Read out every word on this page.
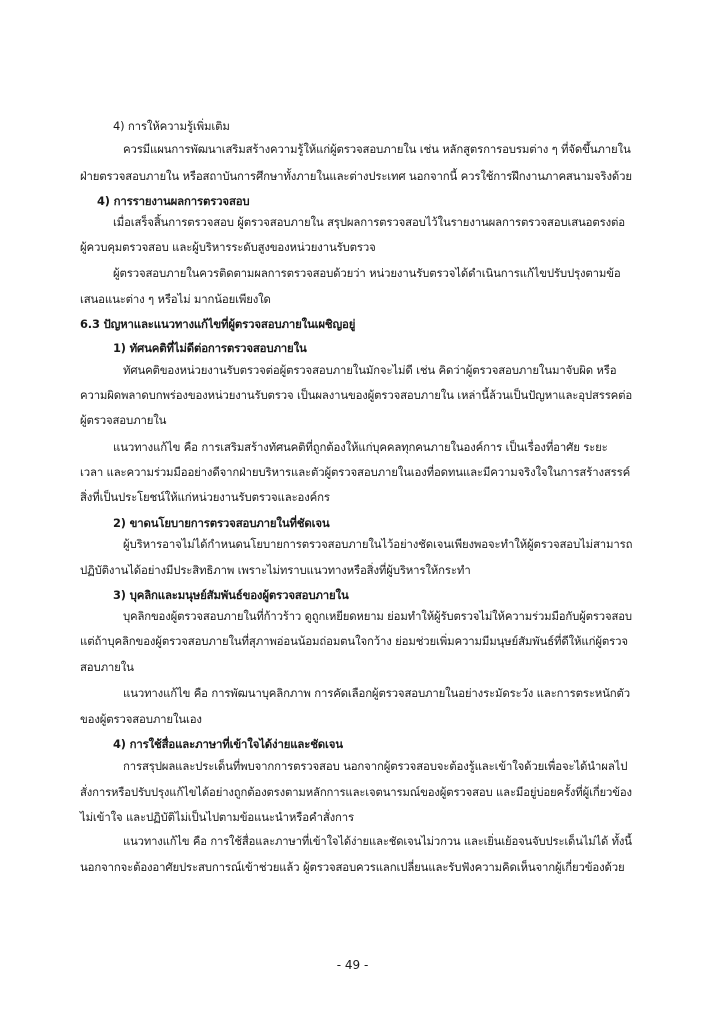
4) การให้ความรู้เพิ่มเติม
ควรมีแผนการพัฒนาเสริมสร้างความรู้ให้แก่ผู้ตรวจสอบภายใน เช่น หลักสูตรการอบรมต่าง ๆ ที่จัดขึ้นภายใน
ฝ่ายตรวจสอบภายใน หรือสถาบันการศึกษาทั้งภายในและต่างประเทศ นอกจากนี้ ควรใช้การฝึกงานภาคสนามจริงด้วย
4) การรายงานผลการตรวจสอบ
เมื่อเสร็จสิ้นการตรวจสอบ ผู้ตรวจสอบภายใน สรุปผลการตรวจสอบไว้ในรายงานผลการตรวจสอบเสนอตรงต่อ
ผู้ควบคุมตรวจสอบ และผู้บริหารระดับสูงของหน่วยงานรับตรวจ
ผู้ตรวจสอบภายในควรติดตามผลการตรวจสอบด้วยว่า หน่วยงานรับตรวจได้ดำเนินการแก้ไขปรับปรุงตามข้อ
เสนอแนะต่าง ๆ หรือไม่ มากน้อยเพียงใด
6.3 ปัญหาและแนวทางแก้ไขที่ผู้ตรวจสอบภายในเผชิญอยู่
1) ทัศนคติที่ไม่ดีต่อการตรวจสอบภายใน
ทัศนคติของหน่วยงานรับตรวจต่อผู้ตรวจสอบภายในมักจะไม่ดี เช่น คิดว่าผู้ตรวจสอบภายในมาจับผิด หรือ
ความผิดพลาดบกพร่องของหน่วยงานรับตรวจ เป็นผลงานของผู้ตรวจสอบภายใน เหล่านี้ล้วนเป็นปัญหาและอุปสรรคต่อ
ผู้ตรวจสอบภายใน
แนวทางแก้ไข คือ การเสริมสร้างทัศนคติที่ถูกต้องให้แก่บุคคลทุกคนภายในองค์การ เป็นเรื่องที่อาศัย ระยะ
เวลา และความร่วมมืออย่างดีจากฝ่ายบริหารและตัวผู้ตรวจสอบภายในเองที่อดทนและมีความจริงใจในการสร้างสรรค์
สิ่งที่เป็นประโยชน์ให้แก่หน่วยงานรับตรวจและองค์กร
2) ขาดนโยบายการตรวจสอบภายในที่ชัดเจน
ผู้บริหารอาจไม่ได้กำหนดนโยบายการตรวจสอบภายในไว้อย่างชัดเจนเพียงพอจะทำให้ผู้ตรวจสอบไม่สามารถ
ปฏิบัติงานได้อย่างมีประสิทธิภาพ เพราะไม่ทราบแนวทางหรือสิ่งที่ผู้บริหารให้กระทำ
3) บุคลิกและมนุษย์สัมพันธ์ของผู้ตรวจสอบภายใน
บุคลิกของผู้ตรวจสอบภายในที่ก้าวร้าว ดูถูกเหยียดหยาม ย่อมทำให้ผู้รับตรวจไม่ให้ความร่วมมือกับผู้ตรวจสอบ
แต่ถ้าบุคลิกของผู้ตรวจสอบภายในที่สุภาพอ่อนน้อมถ่อมตนใจกว้าง ย่อมช่วยเพิ่มความมีมนุษย์สัมพันธ์ที่ดีให้แก่ผู้ตรวจ
สอบภายใน
แนวทางแก้ไข คือ การพัฒนาบุคลิกภาพ การคัดเลือกผู้ตรวจสอบภายในอย่างระมัดระวัง และการตระหนักตัว
ของผู้ตรวจสอบภายในเอง
4) การใช้สื่อและภาษาที่เข้าใจได้ง่ายและชัดเจน
การสรุปผลและประเด็นที่พบจากการตรวจสอบ นอกจากผู้ตรวจสอบจะต้องรู้และเข้าใจด้วยเพื่อจะได้นำผลไป
สั่งการหรือปรับปรุงแก้ไขได้อย่างถูกต้องตรงตามหลักการและเจตนารมณ์ของผู้ตรวจสอบ และมีอยู่บ่อยครั้งที่ผู้เกี่ยวข้อง
ไม่เข้าใจ และปฏิบัติไม่เป็นไปตามข้อแนะนำหรือคำสั่งการ
แนวทางแก้ไข คือ การใช้สื่อและภาษาที่เข้าใจได้ง่ายและชัดเจนไม่วกวน และเยิ่นเย้อจนจับประเด็นไม่ได้ ทั้งนี้
นอกจากจะต้องอาศัยประสบการณ์เข้าช่วยแล้ว ผู้ตรวจสอบควรแลกเปลี่ยนและรับฟังความคิดเห็นจากผู้เกี่ยวข้องด้วย
- 49 -
